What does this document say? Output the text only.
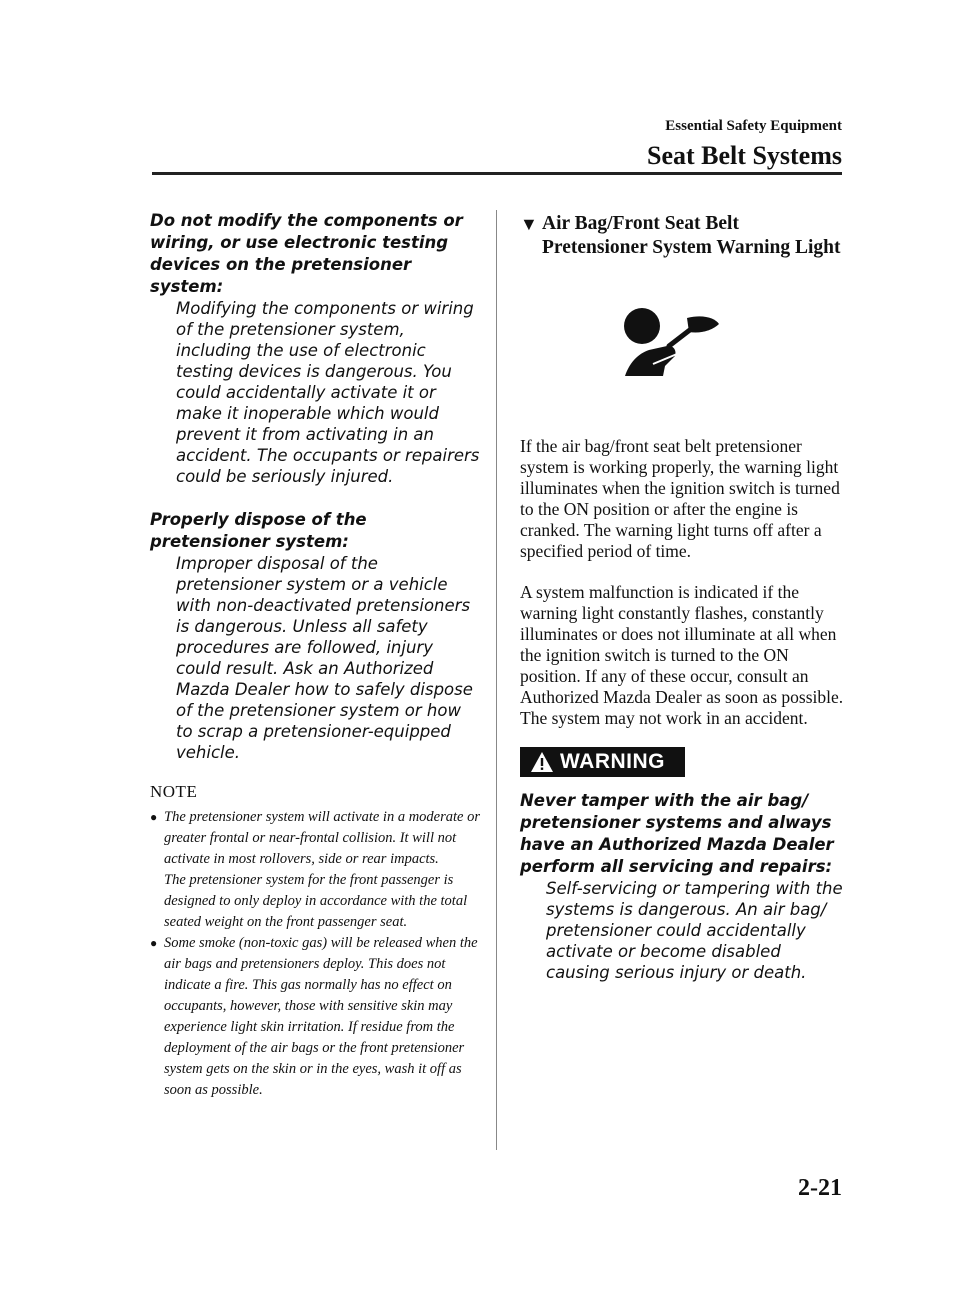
Essential Safety Equipment
Seat Belt Systems

Do not modify the components or wiring, or use electronic testing devices on the pretensioner system:

Modifying the components or wiring of the pretensioner system, including the use of electronic testing devices is dangerous. You could accidentally activate it or make it inoperable which would prevent it from activating in an accident. The occupants or repairers could be seriously injured.

Properly dispose of the pretensioner system:

Improper disposal of the pretensioner system or a vehicle with non-deactivated pretensioners is dangerous. Unless all safety procedures are followed, injury could result. Ask an Authorized Mazda Dealer how to safely dispose of the pretensioner system or how to scrap a pretensioner-equipped vehicle.

NOTE
● The pretensioner system will activate in a moderate or greater frontal or near-frontal collision. It will not activate in most rollovers, side or rear impacts.
The pretensioner system for the front passenger is designed to only deploy in accordance with the total seated weight on the front passenger seat.
● Some smoke (non-toxic gas) will be released when the air bags and pretensioners deploy. This does not indicate a fire. This gas normally has no effect on occupants, however, those with sensitive skin may experience light skin irritation. If residue from the deployment of the air bags or the front pretensioner system gets on the skin or in the eyes, wash it off as soon as possible.
▼ Air Bag/Front Seat Belt
Pretensioner System Warning Light

If the air bag/front seat belt pretensioner system is working properly, the warning light illuminates when the ignition switch is turned to the ON position or after the engine is cranked. The warning light turns off after a specified period of time.

A system malfunction is indicated if the warning light constantly flashes, constantly illuminates or does not illuminate at all when the ignition switch is turned to the ON position. If any of these occur, consult an Authorized Mazda Dealer as soon as possible. The system may not work in an accident.

WARNING

Never tamper with the air bag/ pretensioner systems and always have an Authorized Mazda Dealer perform all servicing and repairs:

Self-servicing or tampering with the systems is dangerous. An air bag/ pretensioner could accidentally activate or become disabled causing serious injury or death.

2-21
